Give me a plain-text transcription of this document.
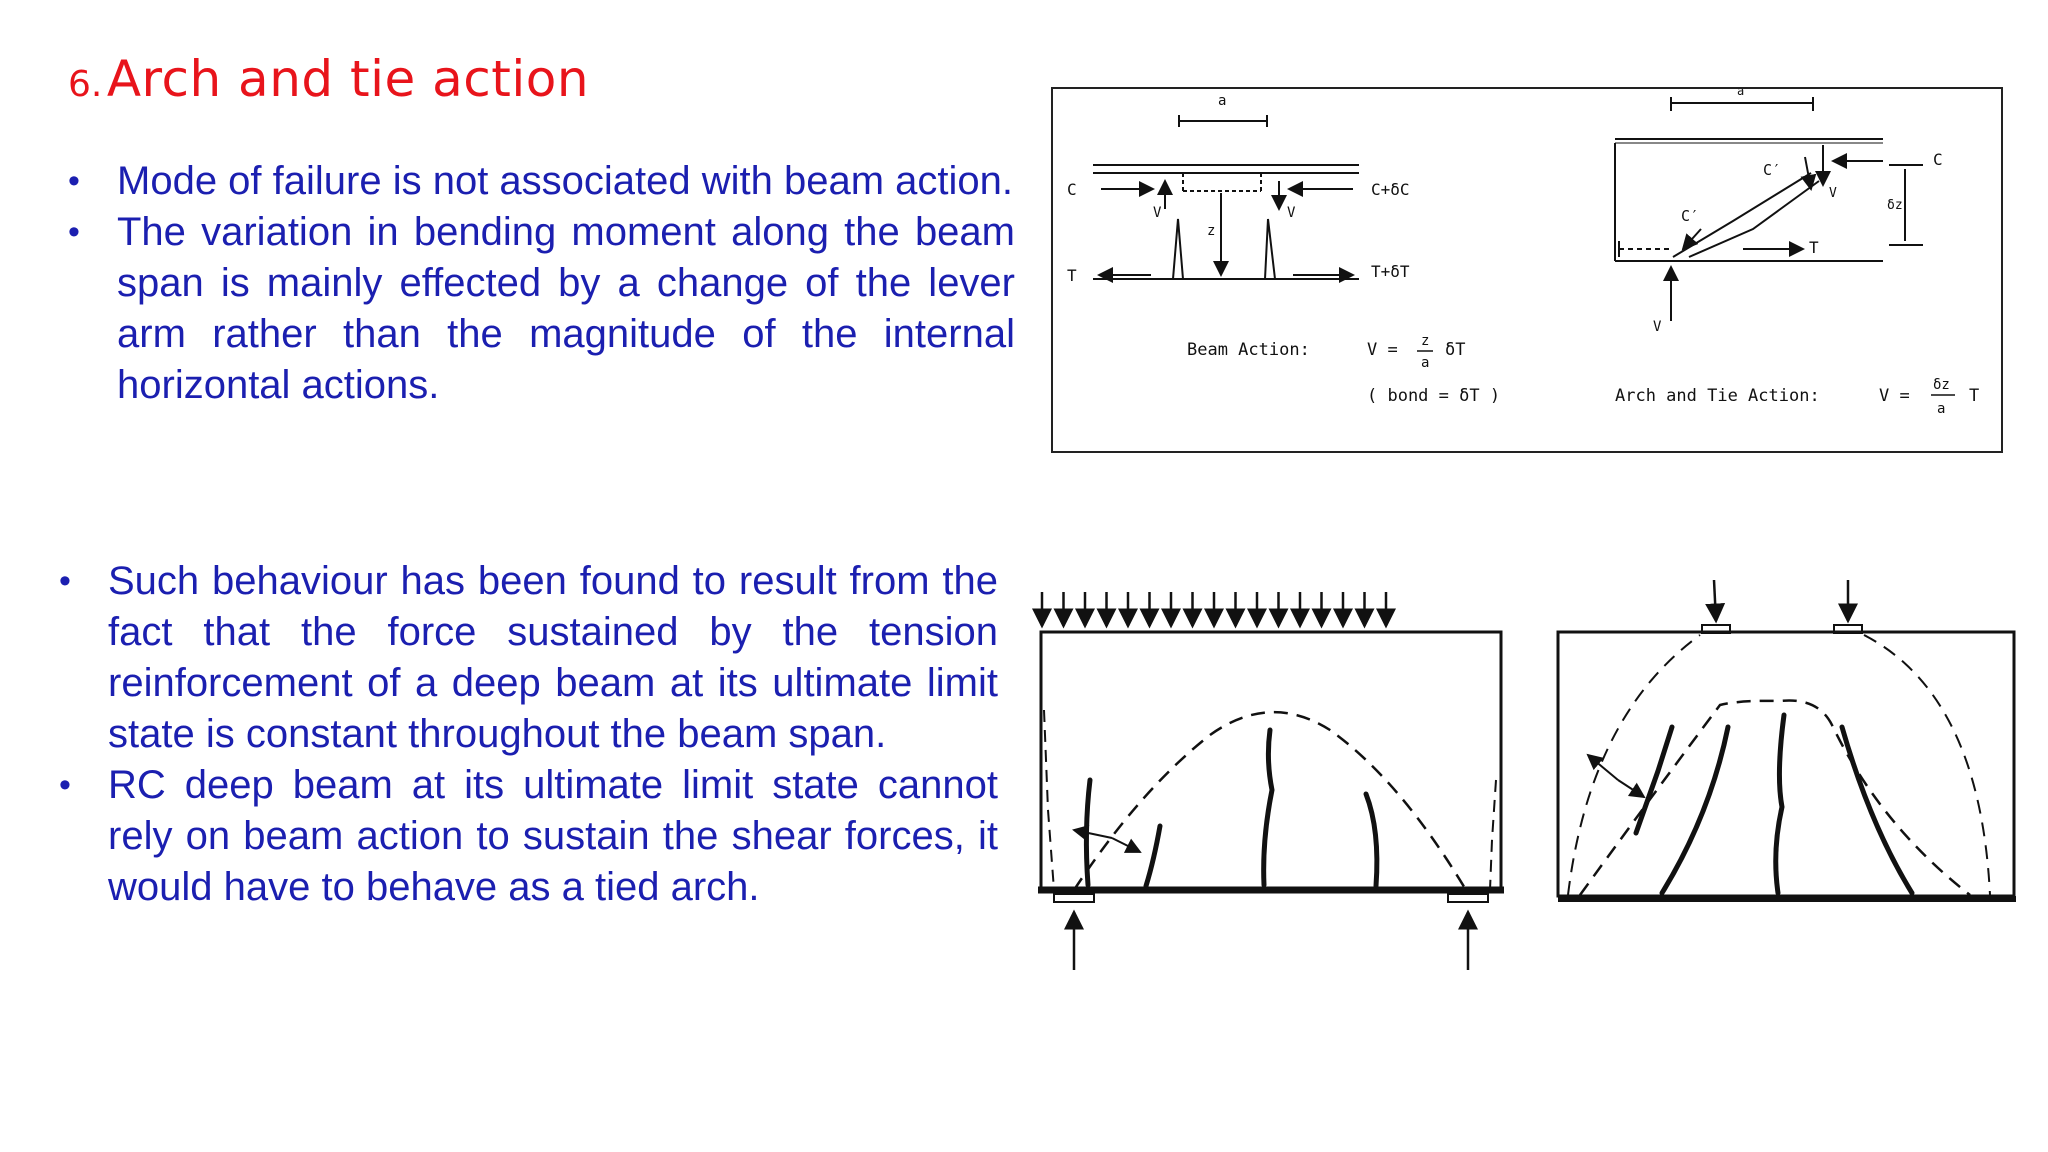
6. Arch and tie action
• Mode of failure is not associated with beam action.
• The variation in bending moment along the beam span is mainly effected by a change of the lever arm rather than the magnitude of the internal horizontal actions.
• Such behaviour has been found to result from the fact that the force sustained by the tension reinforcement of a deep beam at its ultimate limit state is constant throughout the beam span.
• RC deep beam at its ultimate limit state cannot rely on beam action to sustain the shear forces, it would have to behave as a tied arch.
a
C	C+δC
T	T+δT
V	V
z
Beam Action:	V = z
a
δT
( bond = δT )
a
C
C′
C′
T
V
V
δz
Arch and Tie Action:	V =
δz
a
T
